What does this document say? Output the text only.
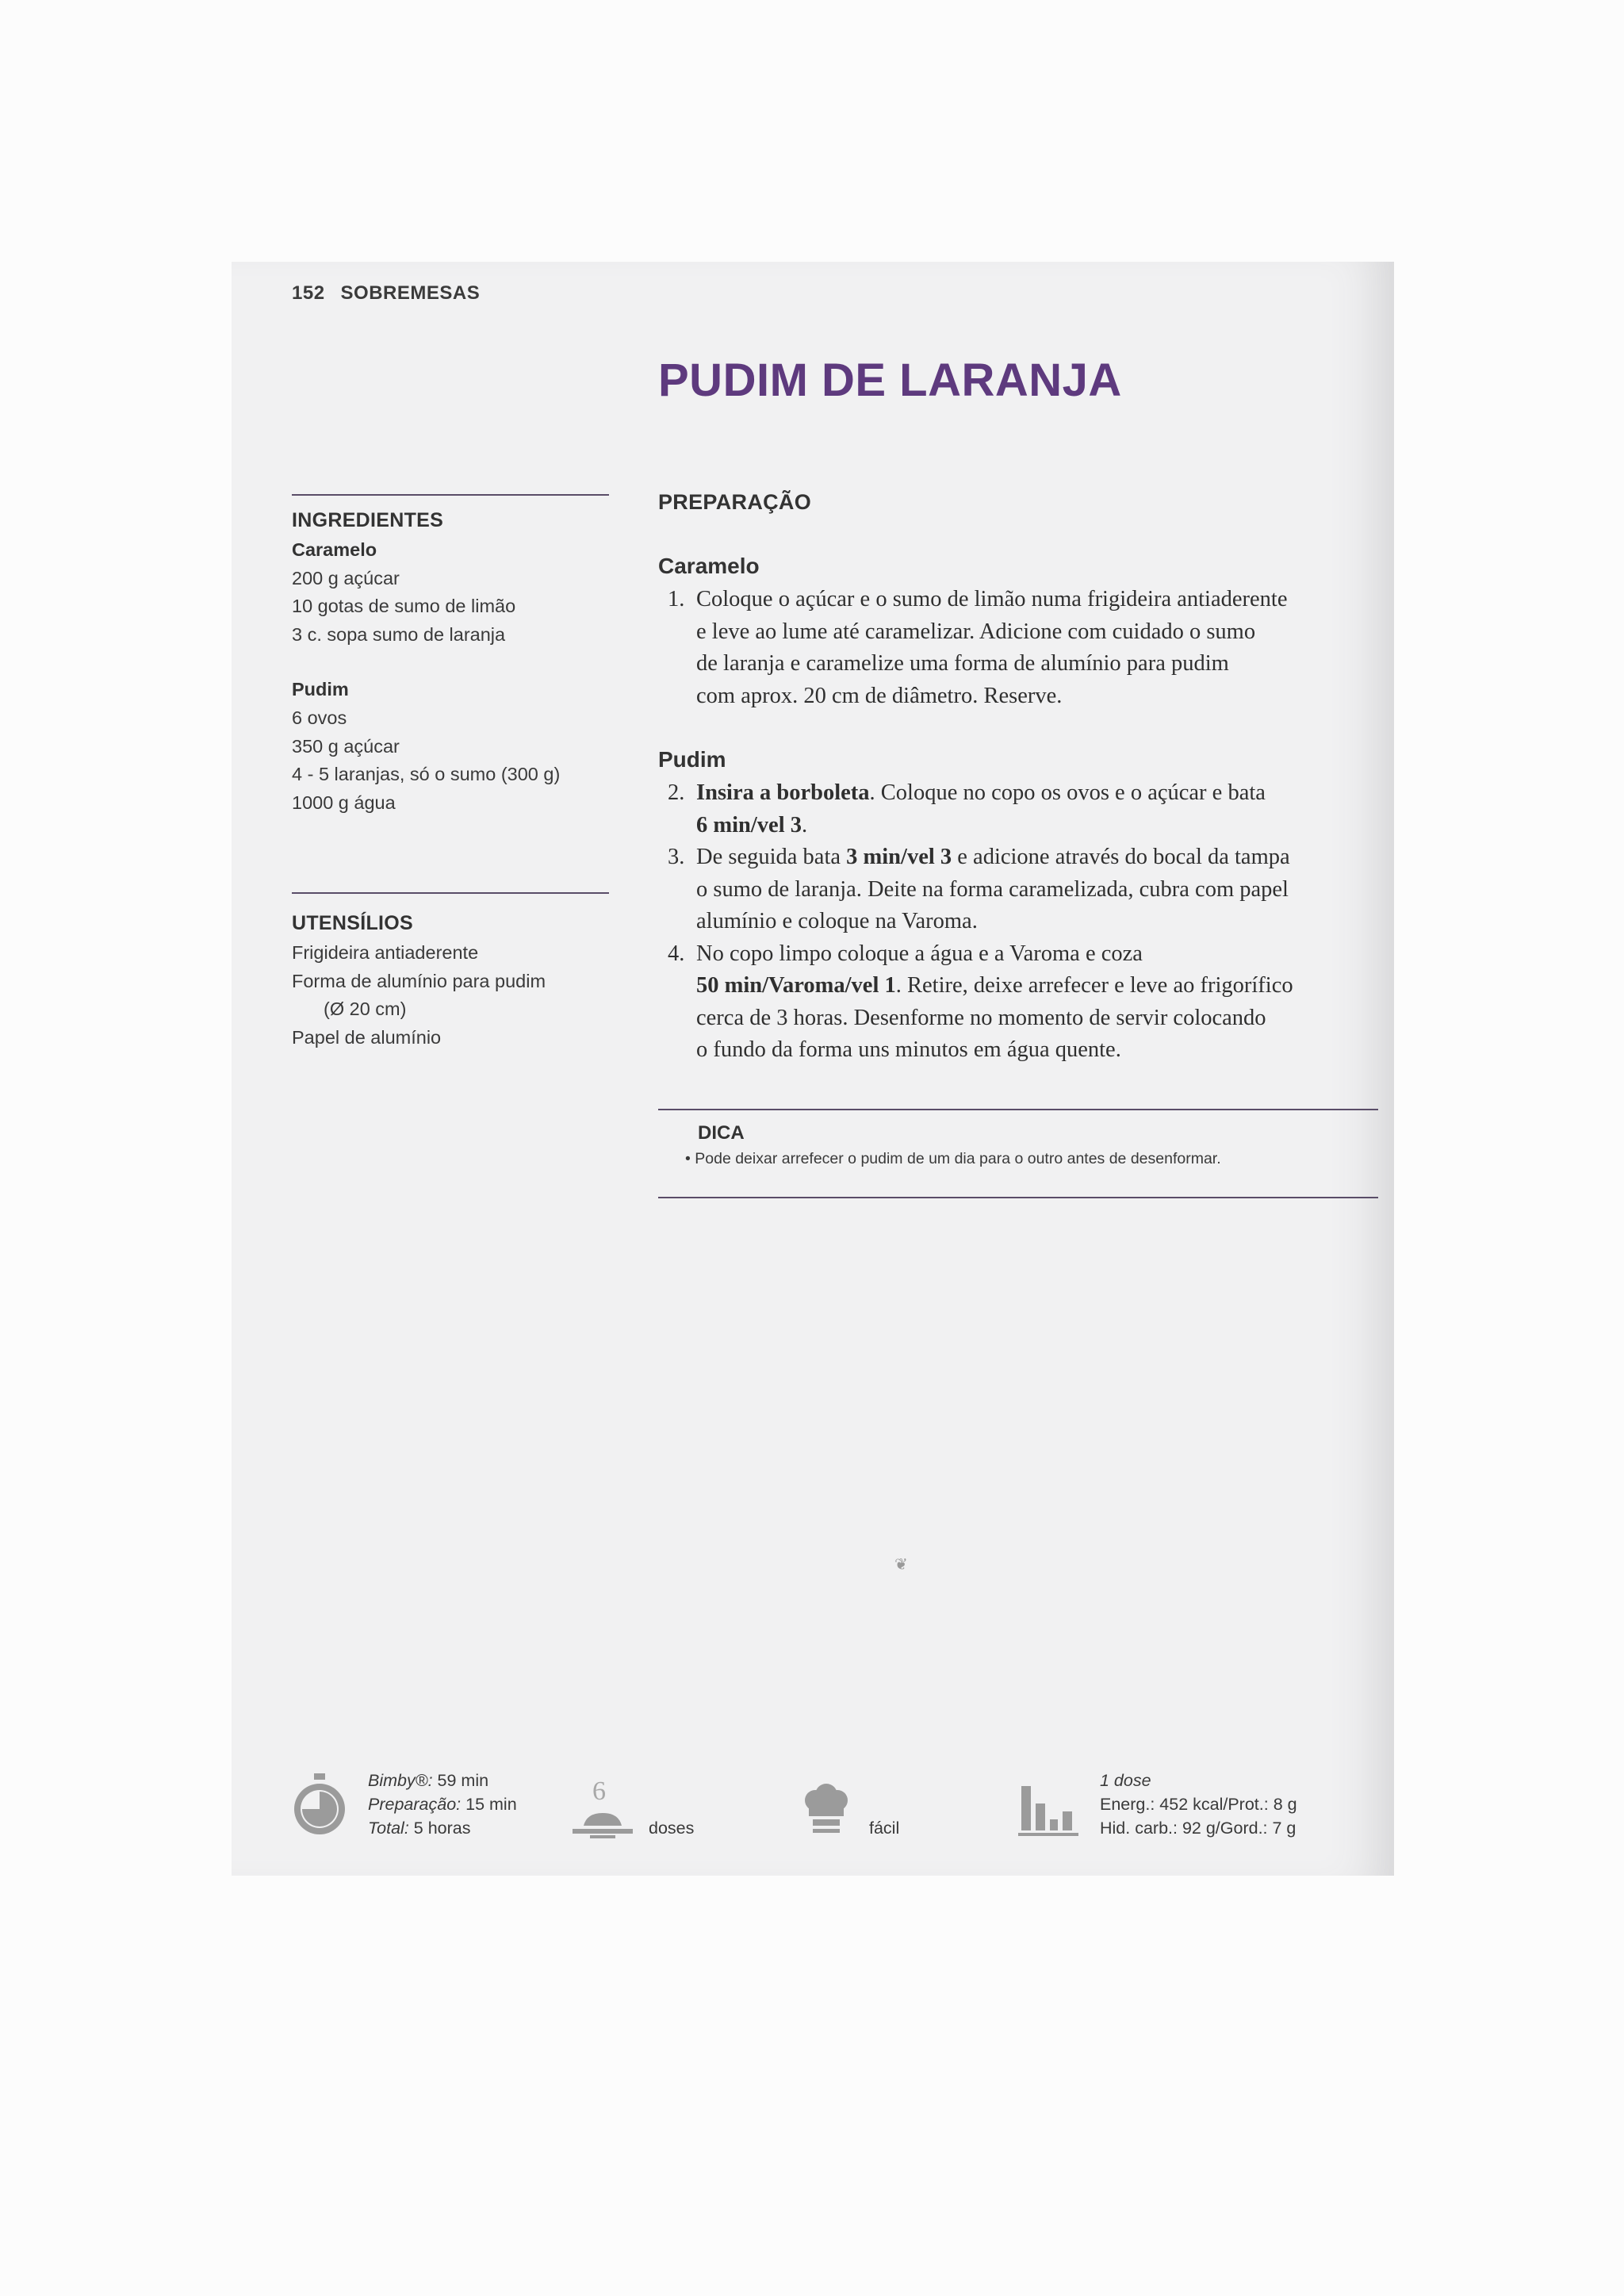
152 SOBREMESAS
PUDIM DE LARANJA
INGREDIENTES
Caramelo
200 g açúcar
10 gotas de sumo de limão
3 c. sopa sumo de laranja
Pudim
6 ovos
350 g açúcar
4 - 5 laranjas, só o sumo (300 g)
1000 g água
UTENSÍLIOS
Frigideira antiaderente
Forma de alumínio para pudim
(Ø 20 cm)
Papel de alumínio
PREPARAÇÃO
Caramelo
1. Coloque o açúcar e o sumo de limão numa frigideira antiaderente
e leve ao lume até caramelizar. Adicione com cuidado o sumo
de laranja e caramelize uma forma de alumínio para pudim
com aprox. 20 cm de diâmetro. Reserve.
Pudim
2. Insira a borboleta. Coloque no copo os ovos e o açúcar e bata
6 min/vel 3.
3. De seguida bata 3 min/vel 3 e adicione através do bocal da tampa
o sumo de laranja. Deite na forma caramelizada, cubra com papel
alumínio e coloque na Varoma.
4. No copo limpo coloque a água e a Varoma e coza
50 min/Varoma/vel 1. Retire, deixe arrefecer e leve ao frigorífico
cerca de 3 horas. Desenforme no momento de servir colocando
o fundo da forma uns minutos em água quente.
DICA
• Pode deixar arrefecer o pudim de um dia para o outro antes de desenformar.
❦
Bimby®: 59 min
Preparação: 15 min
Total: 5 horas
6
doses	fácil
1 dose
Energ.: 452 kcal/Prot.: 8 g
Hid. carb.: 92 g/Gord.: 7 g
